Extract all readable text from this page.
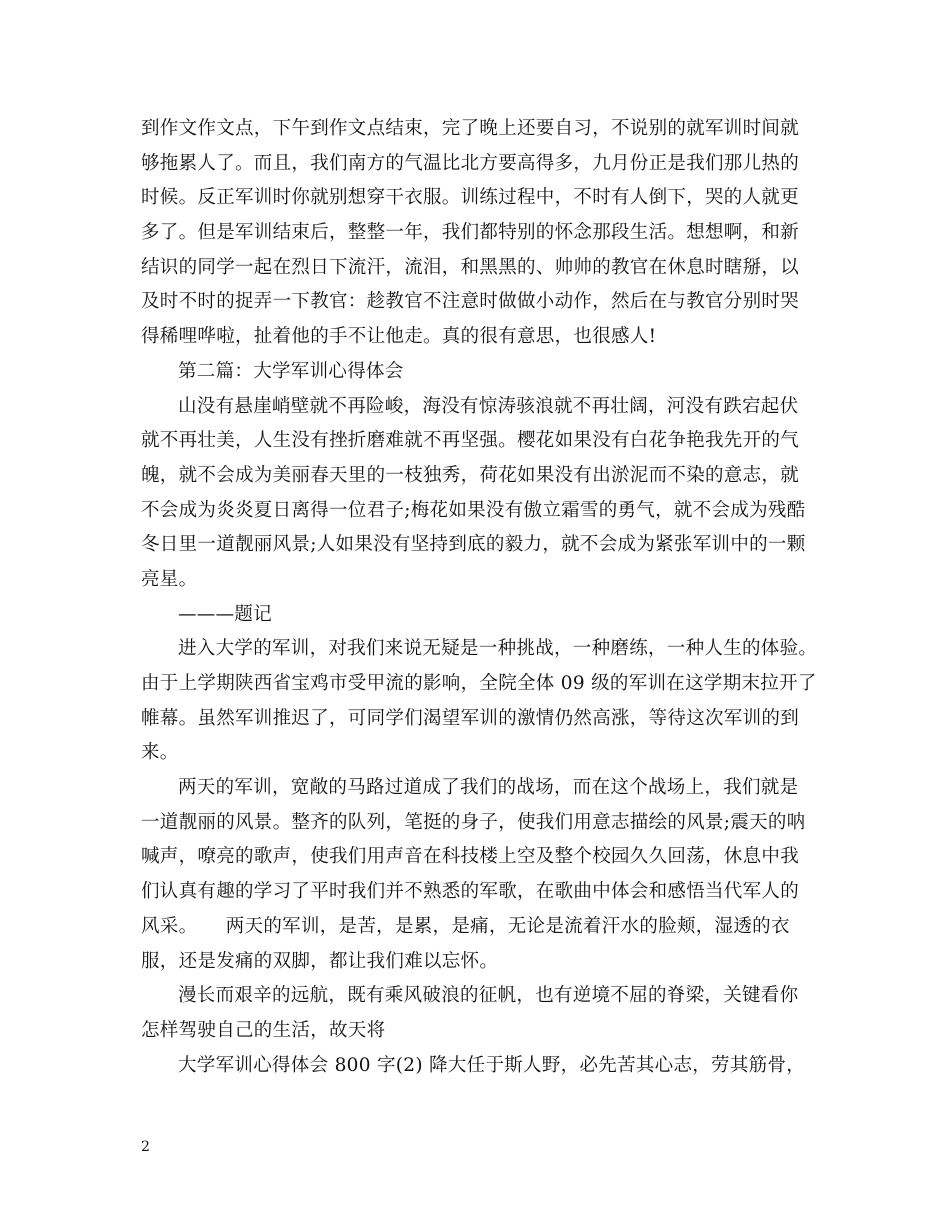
到作文作文点，下午到作文点结束，完了晚上还要自习，不说别的就军训时间就
够拖累人了。而且，我们南方的气温比北方要高得多，九月份正是我们那儿热的
时候。反正军训时你就别想穿干衣服。训练过程中，不时有人倒下，哭的人就更
多了。但是军训结束后，整整一年，我们都特别的怀念那段生活。想想啊，和新
结识的同学一起在烈日下流汗，流泪，和黑黑的、帅帅的教官在休息时瞎掰，以
及时不时的捉弄一下教官：趁教官不注意时做做小动作，然后在与教官分别时哭
得稀哩哗啦，扯着他的手不让他走。真的很有意思，也很感人!
第二篇：大学军训心得体会
山没有悬崖峭壁就不再险峻，海没有惊涛骇浪就不再壮阔，河没有跌宕起伏
就不再壮美，人生没有挫折磨难就不再坚强。樱花如果没有白花争艳我先开的气
魄，就不会成为美丽春天里的一枝独秀，荷花如果没有出淤泥而不染的意志，就
不会成为炎炎夏日离得一位君子;梅花如果没有傲立霜雪的勇气，就不会成为残酷
冬日里一道靓丽风景;人如果没有坚持到底的毅力，就不会成为紧张军训中的一颗
亮星。
———题记
进入大学的军训，对我们来说无疑是一种挑战，一种磨练，一种人生的体验。
由于上学期陕西省宝鸡市受甲流的影响，全院全体 09 级的军训在这学期末拉开了
帷幕。虽然军训推迟了，可同学们渴望军训的激情仍然高涨，等待这次军训的到
来。
两天的军训，宽敞的马路过道成了我们的战场，而在这个战场上，我们就是
一道靓丽的风景。整齐的队列，笔挺的身子，使我们用意志描绘的风景;震天的呐
喊声，嘹亮的歌声，使我们用声音在科技楼上空及整个校园久久回荡，休息中我
们认真有趣的学习了平时我们并不熟悉的军歌，在歌曲中体会和感悟当代军人的
风采。　　两天的军训，是苦，是累，是痛，无论是流着汗水的脸颊，湿透的衣
服，还是发痛的双脚，都让我们难以忘怀。
漫长而艰辛的远航，既有乘风破浪的征帆，也有逆境不屈的脊梁，关键看你
怎样驾驶自己的生活，故天将
大学军训心得体会 800 字(2) 降大任于斯人野，必先苦其心志，劳其筋骨，
2
